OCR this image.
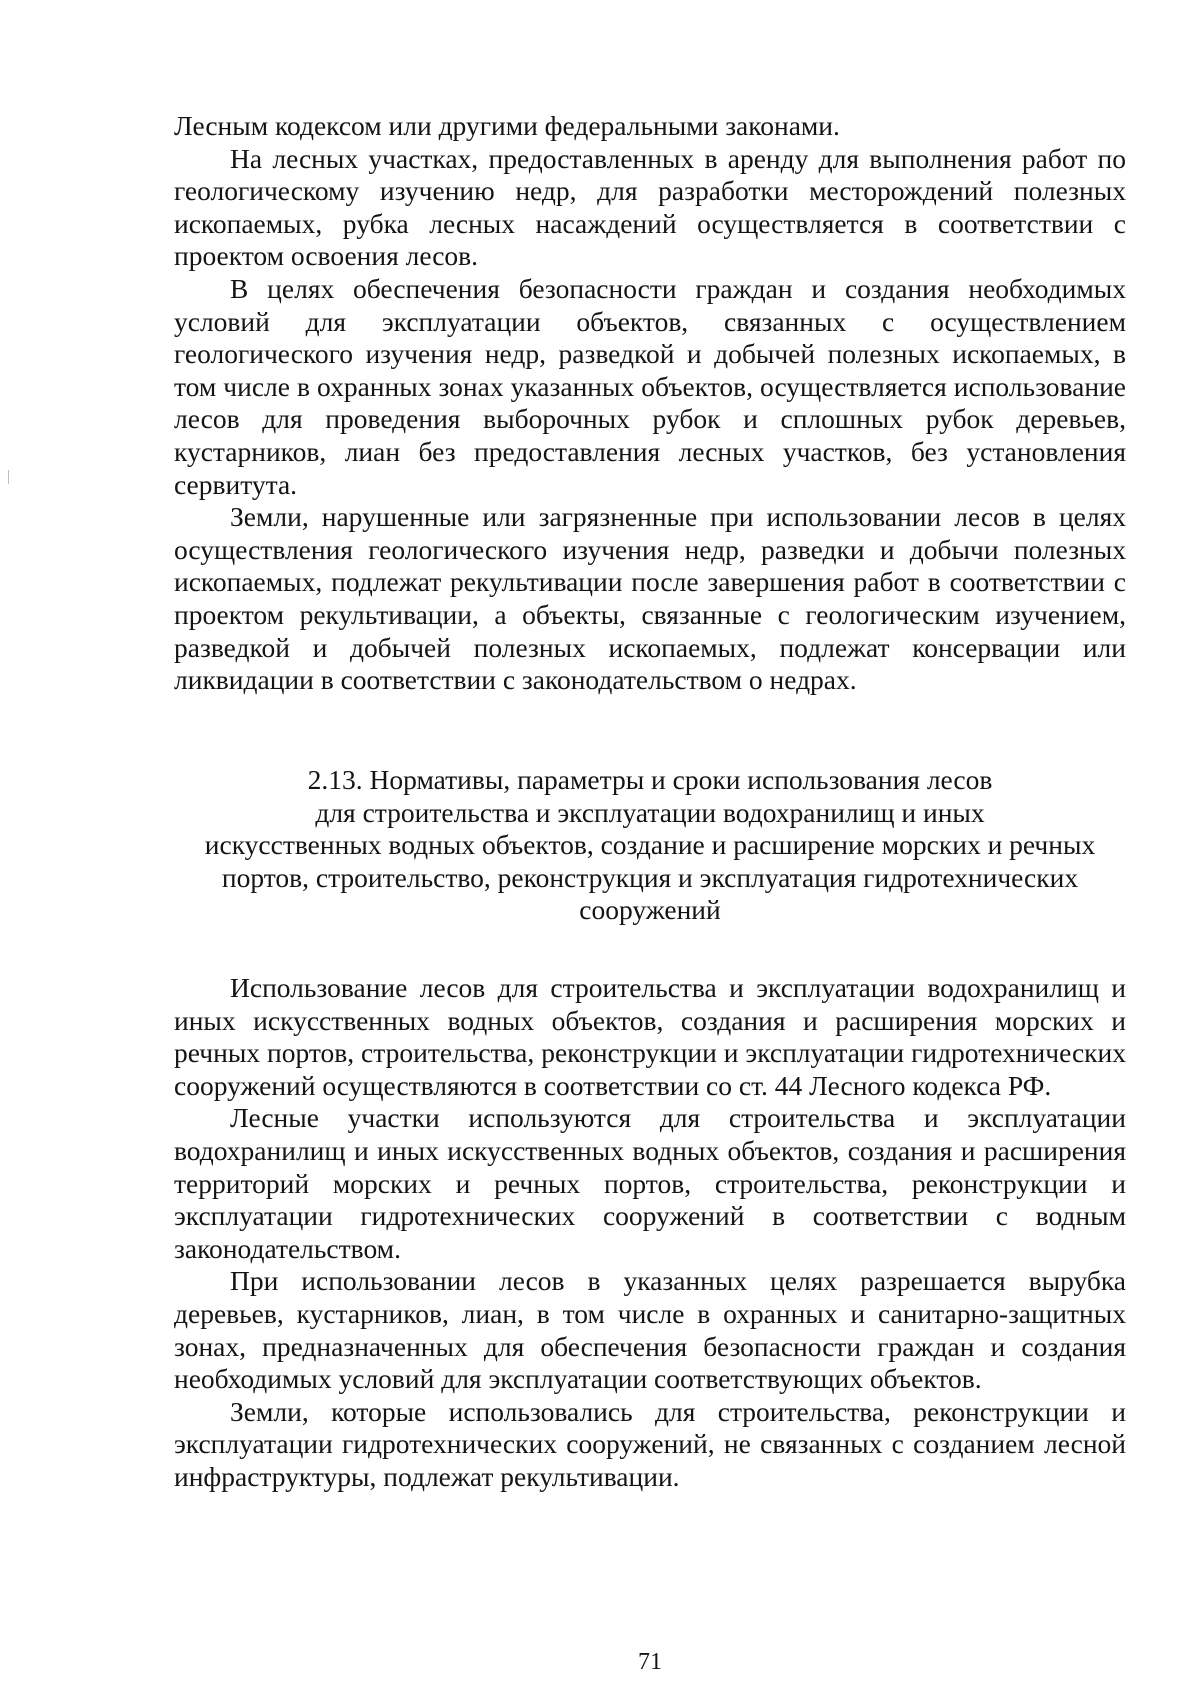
Лесным кодексом или другими федеральными законами.

На лесных участках, предоставленных в аренду для выполнения работ по геологическому изучению недр, для разработки месторождений полезных ископаемых, рубка лесных насаждений осуществляется в соответствии с проектом освоения лесов.

В целях обеспечения безопасности граждан и создания необходимых условий для эксплуатации объектов, связанных с осуществлением геологического изучения недр, разведкой и добычей полезных ископаемых, в том числе в охранных зонах указанных объектов, осуществляется использование лесов для проведения выборочных рубок и сплошных рубок деревьев, кустарников, лиан без предоставления лесных участков, без установления сервитута.

Земли, нарушенные или загрязненные при использовании лесов в целях осуществления геологического изучения недр, разведки и добычи полезных ископаемых, подлежат рекультивации после завершения работ в соответствии с проектом рекультивации, а объекты, связанные с геологическим изучением, разведкой и добычей полезных ископаемых, подлежат консервации или ликвидации в соответствии с законодательством о недрах.

2.13. Нормативы, параметры и сроки использования лесов
для строительства и эксплуатации водохранилищ и иных
искусственных водных объектов, создание и расширение морских и речных
портов, строительство, реконструкция и эксплуатация гидротехнических
сооружений

Использование лесов для строительства и эксплуатации водохранилищ и иных искусственных водных объектов, создания и расширения морских и речных портов, строительства, реконструкции и эксплуатации гидротехнических сооружений осуществляются в соответствии со ст. 44 Лесного кодекса РФ.

Лесные участки используются для строительства и эксплуатации водохранилищ и иных искусственных водных объектов, создания и расширения территорий морских и речных портов, строительства, реконструкции и эксплуатации гидротехнических сооружений в соответствии с водным законодательством.

При использовании лесов в указанных целях разрешается вырубка деревьев, кустарников, лиан, в том числе в охранных и санитарно-защитных зонах, предназначенных для обеспечения безопасности граждан и создания необходимых условий для эксплуатации соответствующих объектов.

Земли, которые использовались для строительства, реконструкции и эксплуатации гидротехнических сооружений, не связанных с созданием лесной инфраструктуры, подлежат рекультивации.

71
